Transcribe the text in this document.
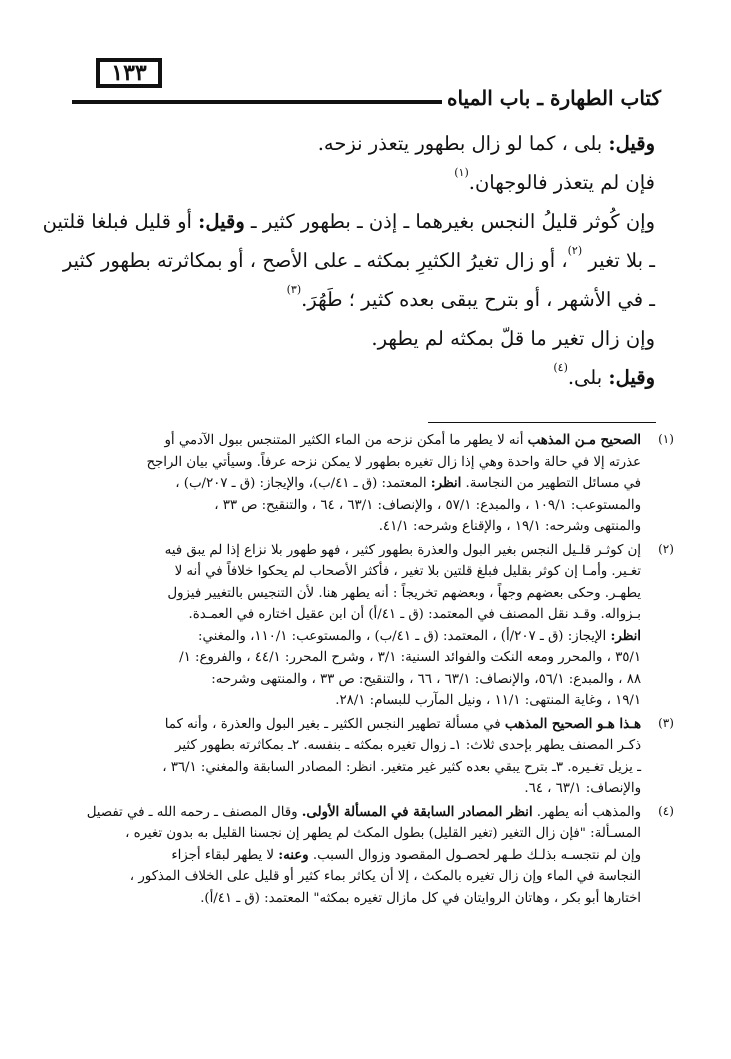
١٣٣
كتاب الطهارة ـ باب المياه
وقيل: بلى ، كما لو زال بطهور يتعذر نزحه.
فإن لم يتعذر فالوجهان.$^{(١)}$
وإن كُوثر قليلُ النجس بغيرهما ـ إذن ـ بطهور كثير ـ وقيل: أو قليل فبلغا قلتين
ـ بلا تغير $^{(٢)}$، أو زال تغيرُ الكثيرِ بمكثه ـ على الأصح ، أو بمكاثرته بطهور كثير
ـ في الأشهر ، أو بترح يبقى بعده كثير ؛ طَهُرَ.$^{(٣)}$
وإن زال تغير ما قلّ بمكثه لم يطهر.
وقيل: بلى.$^{(٤)}$
(١)
الصحيح مـن المذهب أنه لا يطهر ما أمكن نزحه من الماء الكثير المتنجس ببول الآدمي أو
عذرته إلا في حالة واحدة وهي إذا زال تغيره بطهور لا يمكن نزحه عرفاً. وسيأتي بيان الراجح
في مسائل التطهير من النجاسة. انظر: المعتمد: (ق ـ ٤١/ب)، والإيجاز: (ق ـ ٢٠٧/ب) ،
والمستوعب: ١٠٩/١ ، والمبدع: ٥٧/١ ، والإنصاف: ٦٣/١ ، ٦٤ ، والتنقيح: ص ٣٣ ،
والمنتهى وشرحه: ١٩/١ ، والإقناع وشرحه: ٤١/١.
(٢)
إن كوثـر قلـيل النجس بغير البول والعذرة بطهور كثير ، فهو طهور بلا نزاع إذا لم يبق فيه
تغـير. وأمـا إن كوثر بقليل فبلغ قلتين بلا تغير ، فأكثر الأصحاب لم يحكوا خلافاً في أنه لا
يطهـر. وحكى بعضهم وجهاً ، وبعضهم تخريجاً : أنه يطهر هنا. لأن التنجيس بالتغيير فيزول
بـزواله. وقـد نقل المصنف في المعتمد: (ق ـ ٤١/أ) أن ابن عقيل اختاره في العمـدة.
انظر: الإيجاز: (ق ـ ٢٠٧/أ) ، المعتمد: (ق ـ ٤١/ب) ، والمستوعب: ١١٠/١، والمغني:
٣٥/١ ، والمحرر ومعه النكت والفوائد السنية: ٣/١ ، وشرح المحرر: ٤٤/١ ، والفروع: ١/
٨٨ ، والمبدع: ٥٦/١، والإنصاف: ٦٣/١ ، ٦٦ ، والتنقيح: ص ٣٣ ، والمنتهى وشرحه:
١٩/١ ، وغاية المنتهى: ١١/١ ، ونيل المآرب للبسام: ٢٨/١.
(٣)
هـذا هـو الصحيح المذهب في مسألة تطهير النجس الكثير ـ بغير البول والعذرة ، وأنه كما
ذكـر المصنف يطهر بإحدى ثلاث: ١ـ زوال تغيره بمكثه ـ بنفسه. ٢ـ بمكاثرته بطهور كثير
ـ يزيل تغـيره. ٣ـ بترح يبقي بعده كثير غير متغير. انظر: المصادر السابقة والمغني: ٣٦/١ ،
والإنصاف: ٦٣/١ ، ٦٤.
(٤)
والمذهب أنه يطهر. انظر المصادر السابقة في المسألة الأولى. وقال المصنف ـ رحمه الله ـ في تفصيل
المسـألة: "فإن زال التغير (تغير القليل) بطول المكث لم يطهر إن نجسنا القليل به بدون تغيره ،
وإن لم نتجسـه بذلـك طـهر لحصـول المقصود وزوال السبب. وعنه: لا يطهر لبقاء أجزاء
النجاسة في الماء وإن زال تغيره بالمكث ، إلا أن يكاثر بماء كثير أو قليل على الخلاف المذكور ،
اختارها أبو بكر ، وهاتان الروايتان في كل مازال تغيره بمكثه" المعتمد: (ق ـ ٤١/أ).
